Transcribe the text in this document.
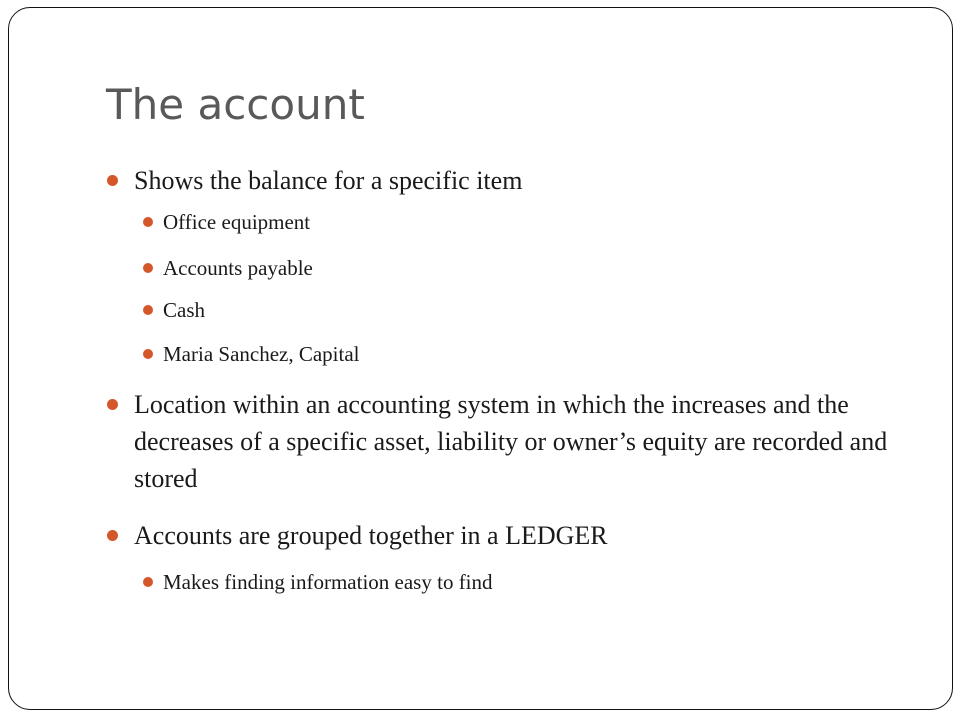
The account
Shows the balance for a specific item
Office equipment
Accounts payable
Cash
Maria Sanchez, Capital
Location within an accounting system in which the increases and the decreases of a specific asset, liability or owner’s equity are recorded and stored
Accounts are grouped together in a LEDGER
Makes finding information easy to find
